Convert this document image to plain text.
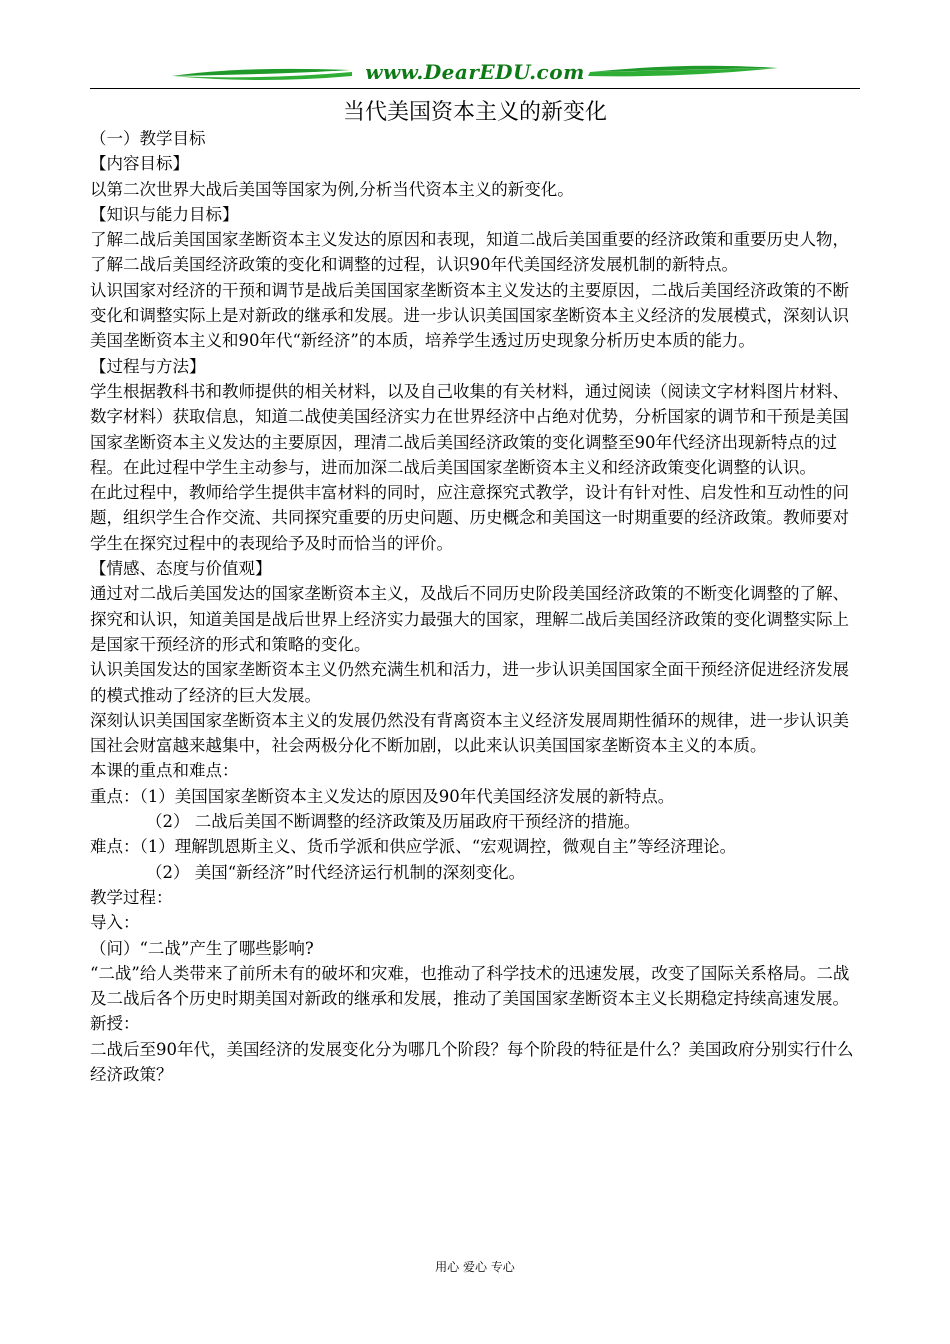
www.DearEDU.com
当代美国资本主义的新变化

（一）教学目标

【内容目标】

以第二次世界大战后美国等国家为例,分析当代资本主义的新变化。

【知识与能力目标】

了解二战后美国国家垄断资本主义发达的原因和表现，知道二战后美国重要的经济政策和重要历史人物，了解二战后美国经济政策的变化和调整的过程，认识90年代美国经济发展机制的新特点。

认识国家对经济的干预和调节是战后美国国家垄断资本主义发达的主要原因，二战后美国经济政策的不断变化和调整实际上是对新政的继承和发展。进一步认识美国国家垄断资本主义经济的发展模式，深刻认识美国垄断资本主义和90年代“新经济”的本质，培养学生透过历史现象分析历史本质的能力。

【过程与方法】

学生根据教科书和教师提供的相关材料，以及自己收集的有关材料，通过阅读（阅读文字材料图片材料、数字材料）获取信息，知道二战使美国经济实力在世界经济中占绝对优势，分析国家的调节和干预是美国国家垄断资本主义发达的主要原因，理清二战后美国经济政策的变化调整至90年代经济出现新特点的过程。在此过程中学生主动参与，进而加深二战后美国国家垄断资本主义和经济政策变化调整的认识。

在此过程中，教师给学生提供丰富材料的同时，应注意探究式教学，设计有针对性、启发性和互动性的问题，组织学生合作交流、共同探究重要的历史问题、历史概念和美国这一时期重要的经济政策。教师要对学生在探究过程中的表现给予及时而恰当的评价。

【情感、态度与价值观】

通过对二战后美国发达的国家垄断资本主义，及战后不同历史阶段美国经济政策的不断变化调整的了解、探究和认识，知道美国是战后世界上经济实力最强大的国家，理解二战后美国经济政策的变化调整实际上是国家干预经济的形式和策略的变化。

认识美国发达的国家垄断资本主义仍然充满生机和活力，进一步认识美国国家全面干预经济促进经济发展的模式推动了经济的巨大发展。

深刻认识美国国家垄断资本主义的发展仍然没有背离资本主义经济发展周期性循环的规律，进一步认识美国社会财富越来越集中，社会两极分化不断加剧，以此来认识美国国家垄断资本主义的本质。

本课的重点和难点：

重点：（1）美国国家垄断资本主义发达的原因及90年代美国经济发展的新特点。

（2） 二战后美国不断调整的经济政策及历届政府干预经济的措施。

难点：（1）理解凯恩斯主义、货币学派和供应学派、“宏观调控，微观自主”等经济理论。

（2） 美国“新经济”时代经济运行机制的深刻变化。

教学过程：

导入：

（问）“二战”产生了哪些影响?

“二战”给人类带来了前所未有的破坏和灾难，也推动了科学技术的迅速发展，改变了国际关系格局。二战及二战后各个历史时期美国对新政的继承和发展，推动了美国国家垄断资本主义长期稳定持续高速发展。

新授：

二战后至90年代，美国经济的发展变化分为哪几个阶段？每个阶段的特征是什么？美国政府分别实行什么经济政策？

用心 爱心 专心
